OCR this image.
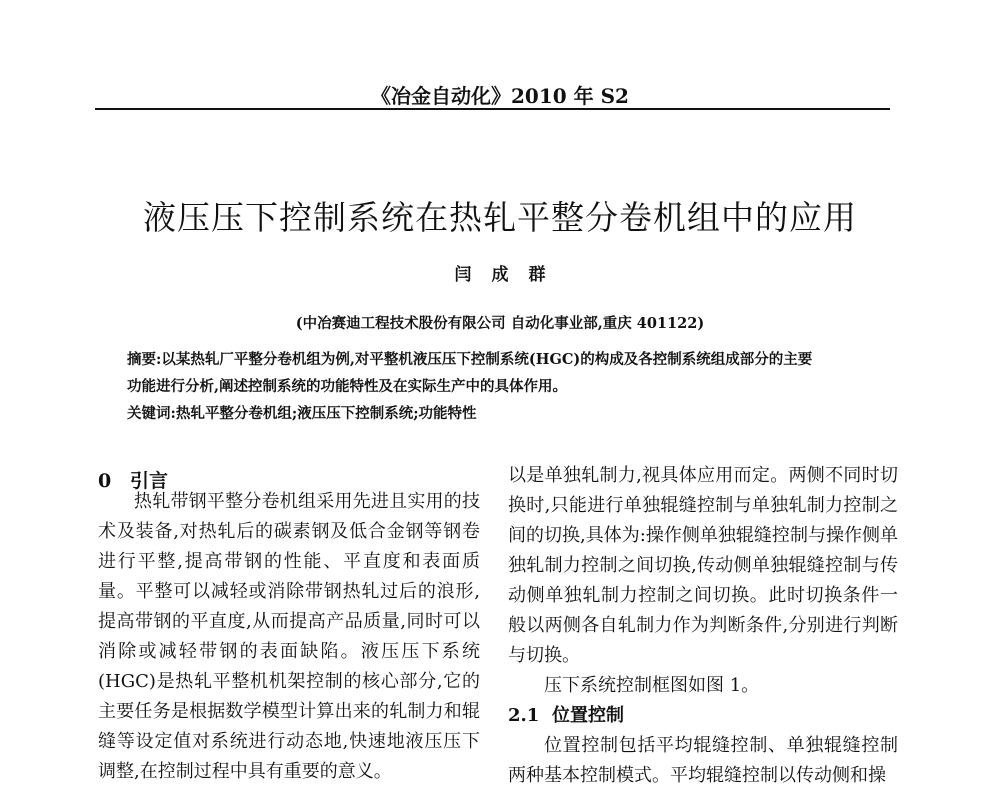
《冶金自动化》2010 年 S2
液压压下控制系统在热轧平整分卷机组中的应用
闫成群
(中冶赛迪工程技术股份有限公司 自动化事业部,重庆 401122)

摘要:以某热轧厂平整分卷机组为例,对平整机液压压下控制系统(HGC)的构成及各控制系统组成部分的主要

功能进行分析,阐述控制系统的功能特性及在实际生产中的具体作用。

关键词:热轧平整分卷机组;液压压下控制系统;功能特性

0 引言

热轧带钢平整分卷机组采用先进且实用的技术及装备,对热轧后的碳素钢及低合金钢等钢卷进行平整,提高带钢的性能、平直度和表面质量。平整可以减轻或消除带钢热轧过后的浪形,提高带钢的平直度,从而提高产品质量,同时可以消除或减轻带钢的表面缺陷。液压压下系统(HGC)是热轧平整机机架控制的核心部分,它的主要任务是根据数学模型计算出来的轧制力和辊缝等设定值对系统进行动态地,快速地液压压下调整,在控制过程中具有重要的意义。

以是单独轧制力,视具体应用而定。两侧不同时切换时,只能进行单独辊缝控制与单独轧制力控制之间的切换,具体为:操作侧单独辊缝控制与操作侧单独轧制力控制之间切换,传动侧单独辊缝控制与传动侧单独轧制力控制之间切换。此时切换条件一般以两侧各自轧制力作为判断条件,分别进行判断与切换。

压下系统控制框图如图 1。

2.1 位置控制

位置控制包括平均辊缝控制、单独辊缝控制两种基本控制模式。平均辊缝控制以传动侧和操
